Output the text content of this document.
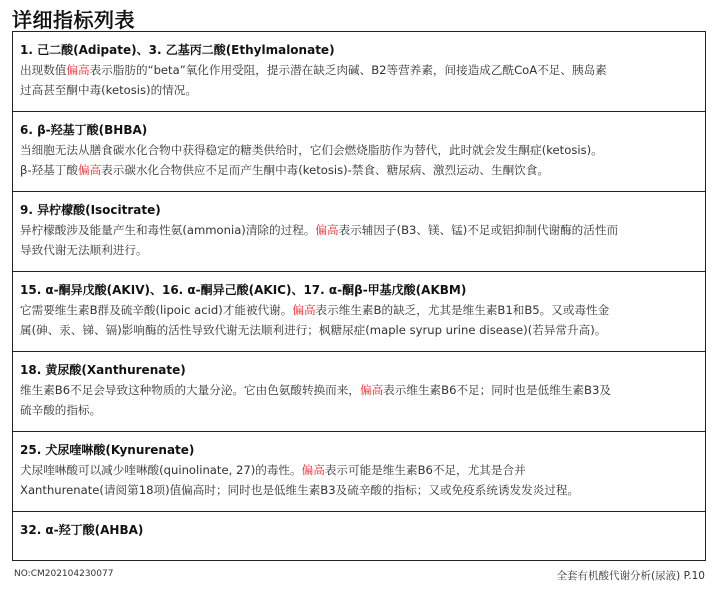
详细指标列表
1. 己二酸(Adipate)、3. 乙基丙二酸(Ethylmalonate)
出现数值偏高表示脂肪的“beta”氧化作用受阻，提示潜在缺乏肉碱、B2等营养素，间接造成乙酰CoA不足、胰岛素
过高甚至酮中毒(ketosis)的情况。
6. β-羟基丁酸(BHBA)
当细胞无法从膳食碳水化合物中获得稳定的糖类供给时，它们会燃烧脂肪作为替代，此时就会发生酮症(ketosis)。
β-羟基丁酸偏高表示碳水化合物供应不足而产生酮中毒(ketosis)-禁食、糖尿病、激烈运动、生酮饮食。
9. 异柠檬酸(Isocitrate)
异柠檬酸涉及能量产生和毒性氨(ammonia)清除的过程。偏高表示辅因子(B3、镁、锰)不足或铝抑制代谢酶的活性而
导致代谢无法顺利进行。
15. α-酮异戊酸(AKIV)、16. α-酮异己酸(AKIC)、17. α-酮β-甲基戊酸(AKBM)
它需要维生素B群及硫辛酸(lipoic acid)才能被代谢。偏高表示维生素B的缺乏，尤其是维生素B1和B5。又或毒性金
属(砷、汞、锑、镉)影响酶的活性导致代谢无法顺利进行；枫糖尿症(maple syrup urine disease)(若异常升高)。
18. 黄尿酸(Xanthurenate)
维生素B6不足会导致这种物质的大量分泌。它由色氨酸转换而来，偏高表示维生素B6不足；同时也是低维生素B3及
硫辛酸的指标。
25. 犬尿喹啉酸(Kynurenate)
犬尿喹啉酸可以减少喹啉酸(quinolinate, 27)的毒性。偏高表示可能是维生素B6不足，尤其是合并
Xanthurenate(请阅第18项)值偏高时；同时也是低维生素B3及硫辛酸的指标；又或免疫系统诱发发炎过程。
32. α-羟丁酸(AHBA)
NO:CM202104230077	全套有机酸代谢分析(尿液) P.10
